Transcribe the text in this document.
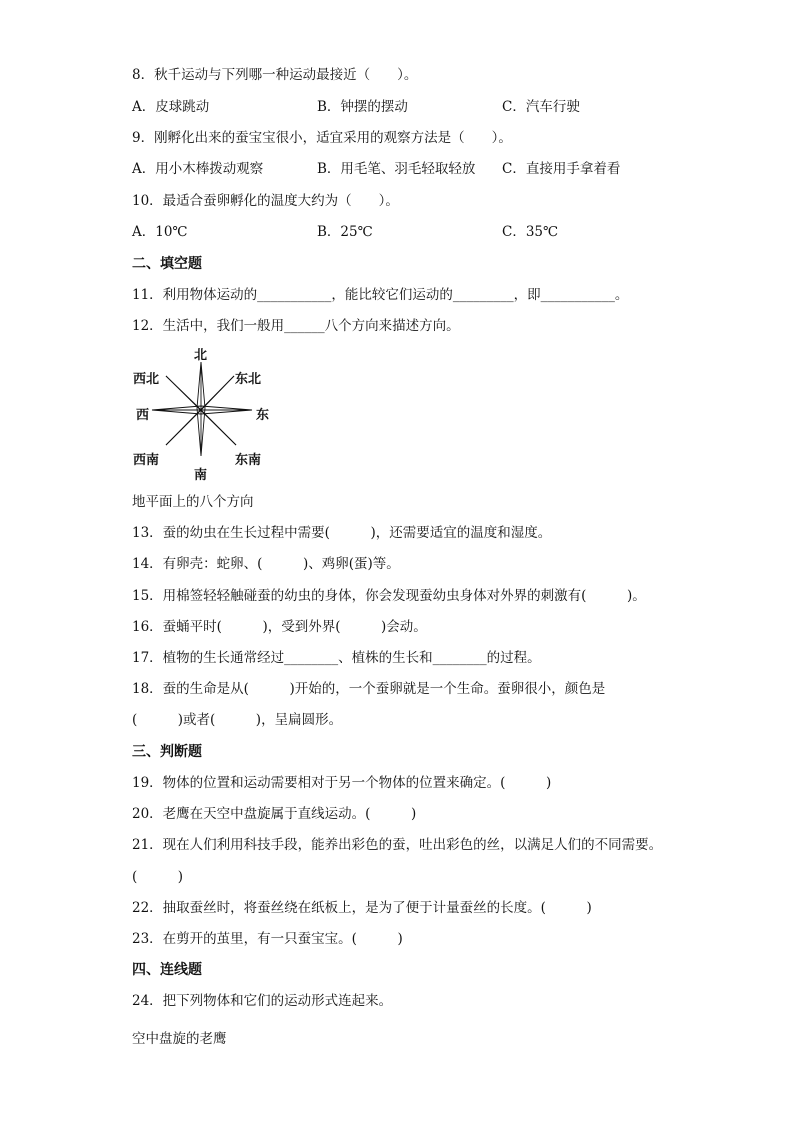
8．秋千运动与下列哪一种运动最接近（　　）。
A．皮球跳动	B．钟摆的摆动	C．汽车行驶
9．刚孵化出来的蚕宝宝很小，适宜采用的观察方法是（　　）。
A．用小木棒拨动观察	B．用毛笔、羽毛轻取轻放 C．直接用手拿着看
10．最适合蚕卵孵化的温度大约为（　　）。
A．10℃	B．25℃	C．35℃
二、填空题
11．利用物体运动的___________，能比较它们运动的_________，即___________。
12．生活中，我们一般用______八个方向来描述方向。
北
南
东
西
西北	东北
西南	东南
地平面上的八个方向
13．蚕的幼虫在生长过程中需要(　　　)，还需要适宜的温度和湿度。
14．有卵壳：蛇卵、(　　　)、鸡卵(蛋)等。
15．用棉签轻轻触碰蚕的幼虫的身体，你会发现蚕幼虫身体对外界的刺激有(　　　)。
16．蚕蛹平时(　　　)，受到外界(　　　)会动。
17．植物的生长通常经过________、植株的生长和________的过程。
18．蚕的生命是从(　　　)开始的，一个蚕卵就是一个生命。蚕卵很小，颜色是
(　　　)或者(　　　)，呈扁圆形。
三、判断题
19．物体的位置和运动需要相对于另一个物体的位置来确定。(　　　)
20．老鹰在天空中盘旋属于直线运动。(　　　)
21．现在人们利用科技手段，能养出彩色的蚕，吐出彩色的丝，以满足人们的不同需要。
(　　　)
22．抽取蚕丝时，将蚕丝绕在纸板上，是为了便于计量蚕丝的长度。(　　　)
23．在剪开的茧里，有一只蚕宝宝。(　　　)
四、连线题
24．把下列物体和它们的运动形式连起来。
空中盘旋的老鹰
